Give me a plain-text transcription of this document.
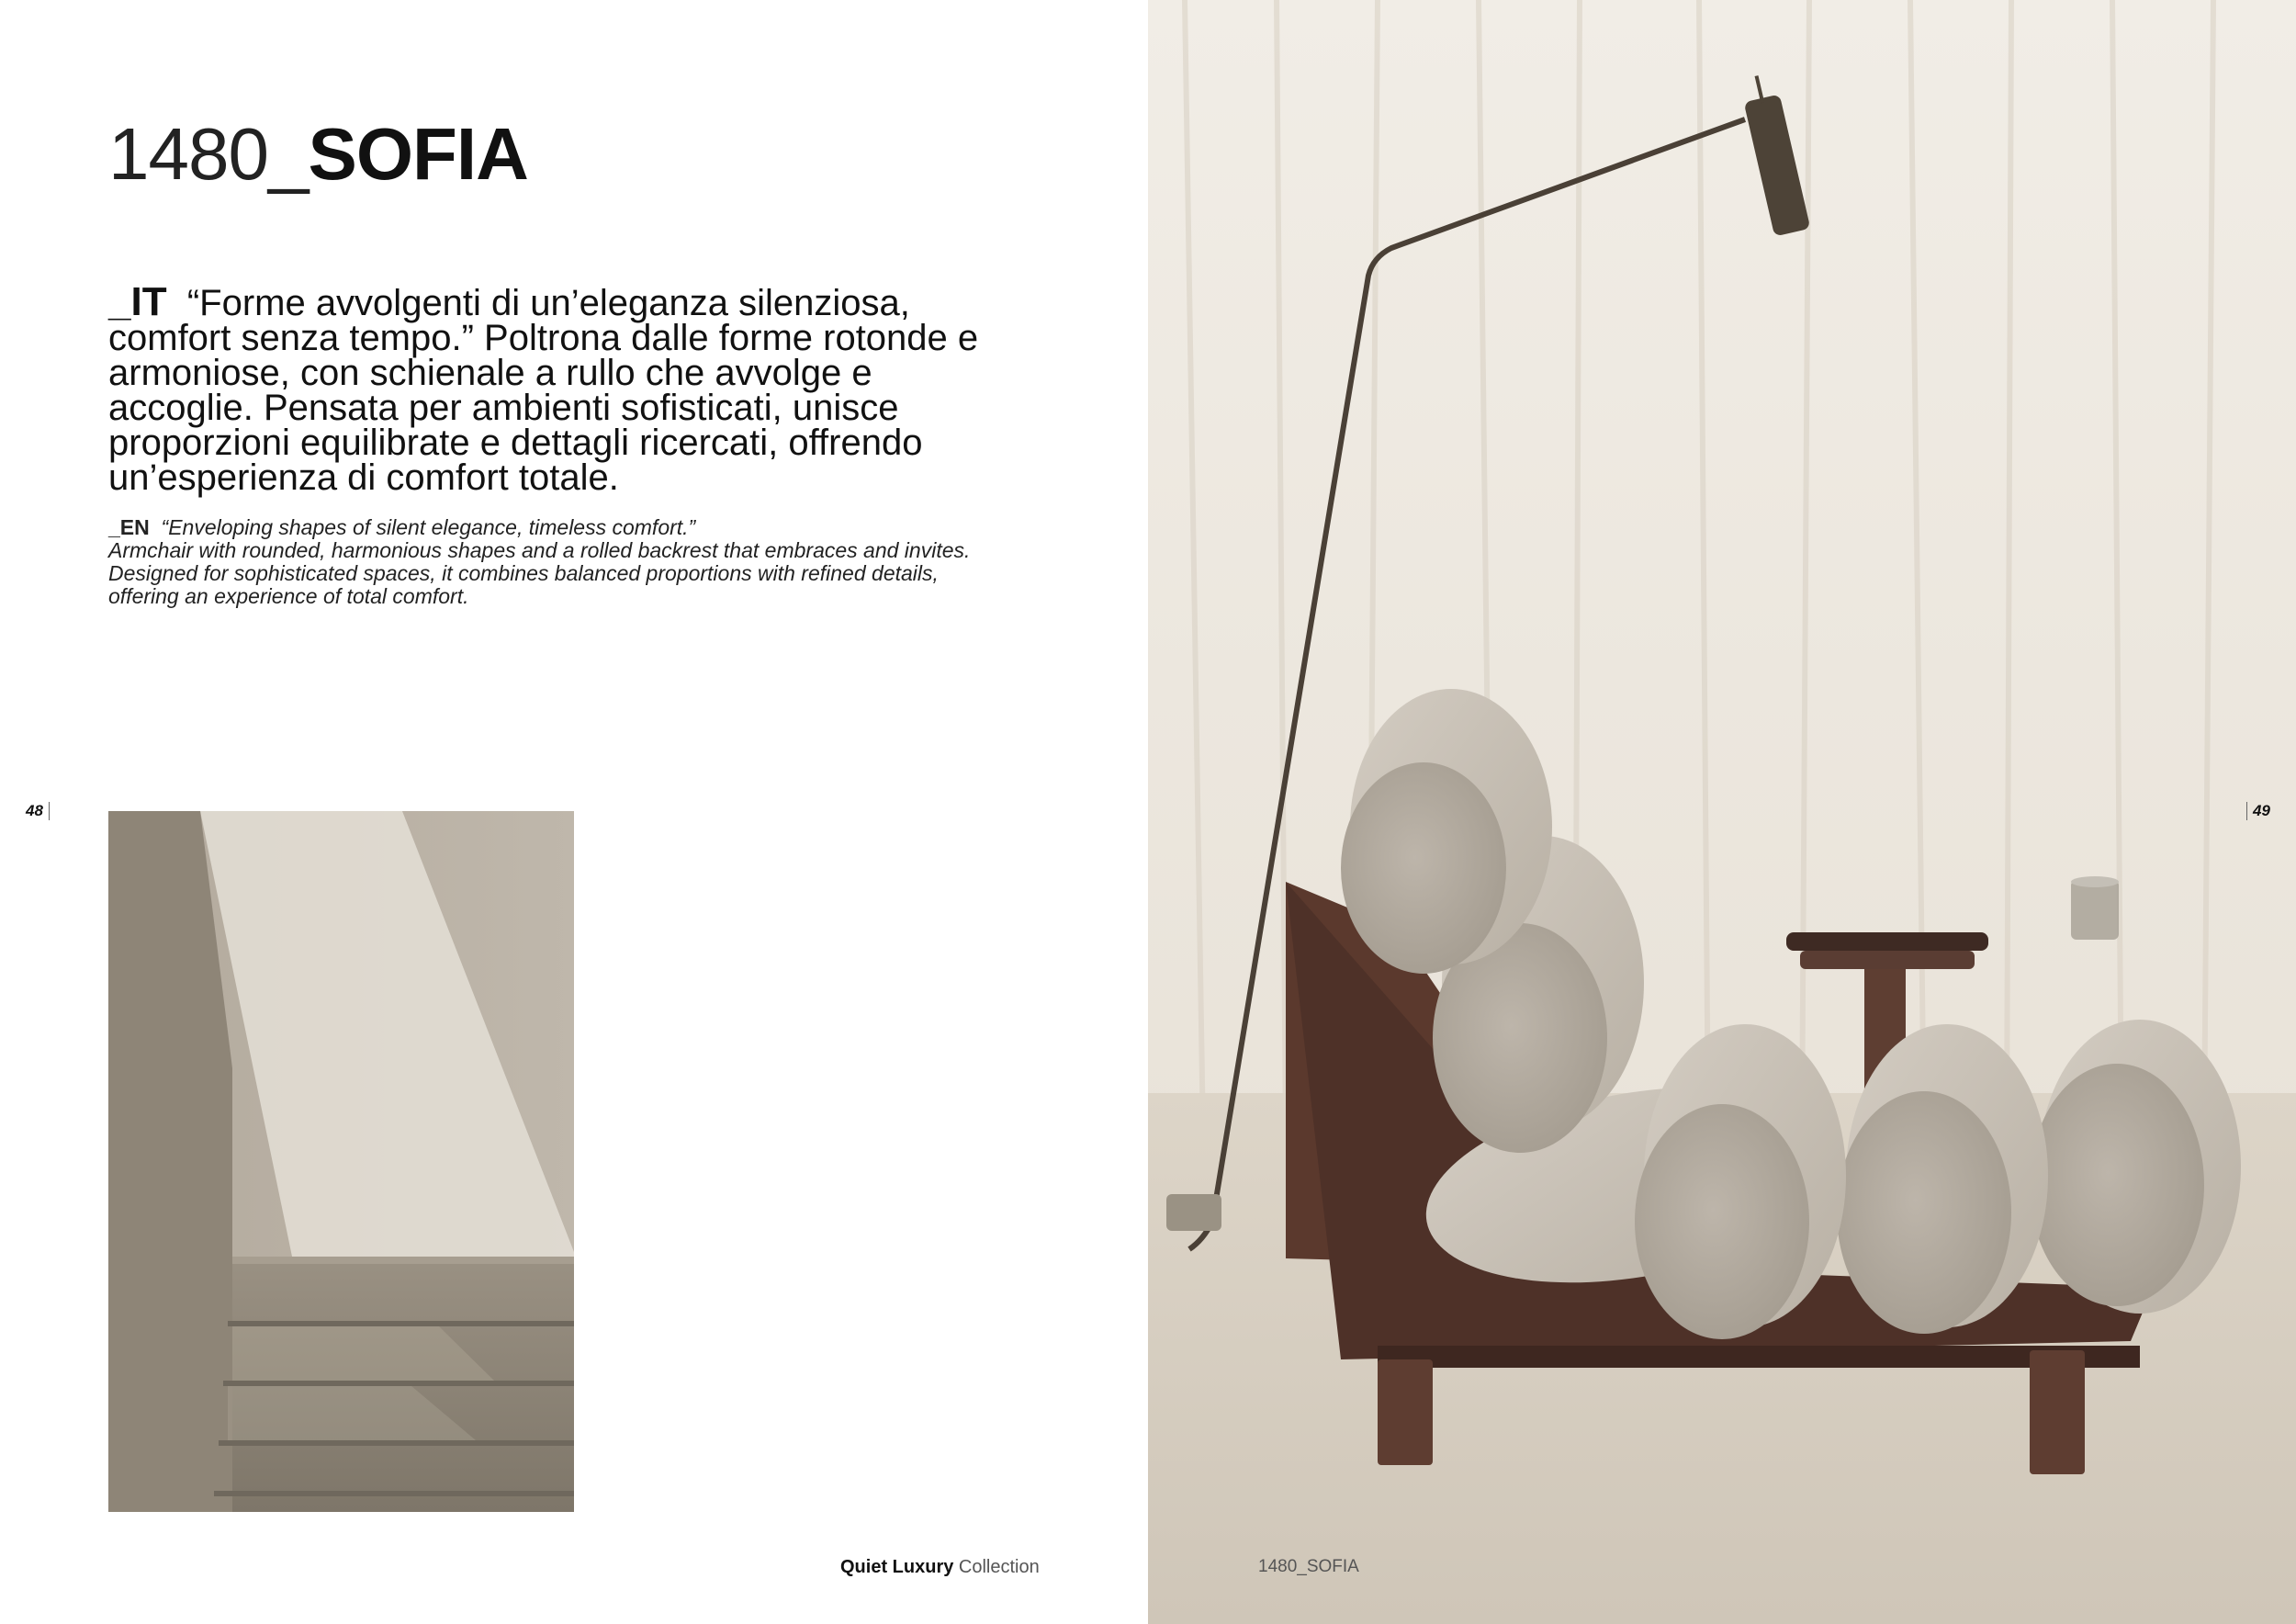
1480_SOFIA
_IT “Forme avvolgenti di un’eleganza silenziosa, comfort senza tempo.” Poltrona dalle forme rotonde e armoniose, con schienale a rullo che avvolge e accoglie. Pensata per ambienti sofisticati, unisce proporzioni equilibrate e dettagli ricercati, offrendo un’esperienza di comfort totale.
_EN “Enveloping shapes of silent elegance, timeless comfort.”
Armchair with rounded, harmonious shapes and a rolled backrest that embraces and invites.
Designed for sophisticated spaces, it combines balanced proportions with refined details,
offering an experience of total comfort.
48
Quiet Luxury Collection	1480_SOFIA
49
